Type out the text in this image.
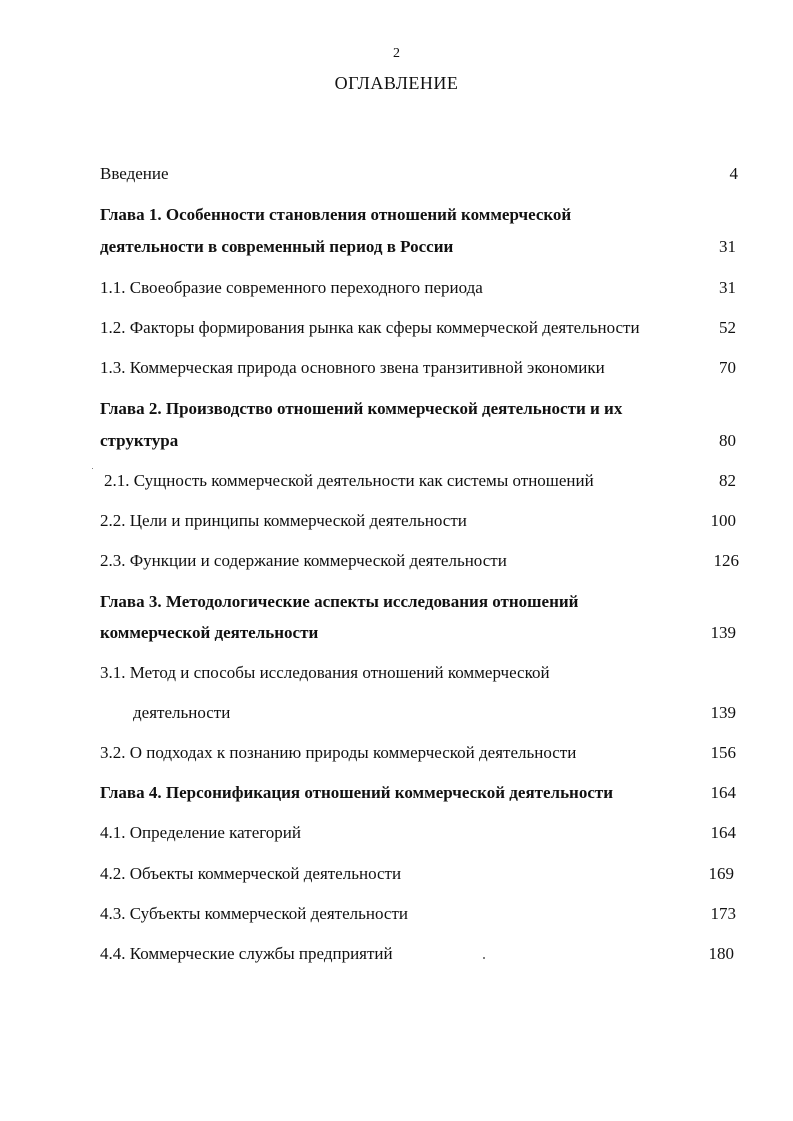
2
ОГЛАВЛЕНИЕ
Введение	4
Глава 1. Особенности становления отношений коммерческой
деятельности в современный период в России	31
1.1. Своеобразие современного переходного периода	31
1.2. Факторы формирования рынка как сферы коммерческой деятельности	52
1.3. Коммерческая природа основного звена транзитивной экономики	70
Глава 2. Производство отношений коммерческой деятельности и их
структура	80
2.1. Сущность коммерческой деятельности как системы отношений	82
2.2. Цели и принципы коммерческой деятельности	100
2.3. Функции и содержание коммерческой деятельности	126
Глава 3. Методологические аспекты исследования отношений
коммерческой деятельности	139
3.1. Метод и способы исследования отношений коммерческой
деятельности	139
3.2. О подходах к познанию природы коммерческой деятельности	156
Глава 4. Персонификация отношений коммерческой деятельности	164
4.1. Определение категорий	164
4.2. Объекты коммерческой деятельности	169
4.3. Субъекты коммерческой деятельности	173
4.4. Коммерческие службы предприятий	180
